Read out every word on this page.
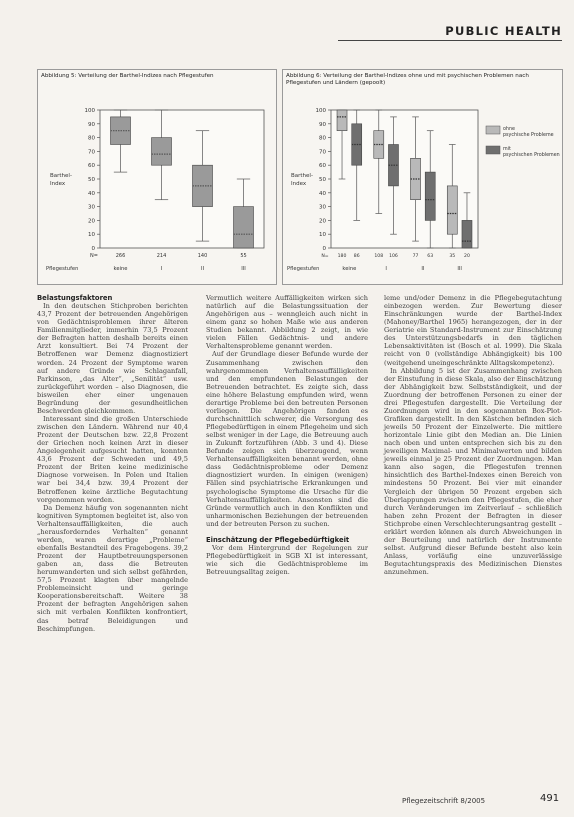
PUBLIC HEALTH
Abbildung 5: Verteilung der Barthel-Indizes nach Pflegestufen
0
10
20
30
40
50
60
70
80
90
100
Barthel-
Index
N=	266	214	140	55
Pflegestufen	keine	I	II	III
Abbildung 6: Verteilung der Barthel-Indizes ohne und mit psychischen Problemen nach Pflegestufen und Ländern (gepoolt)
0
10
20
30
40
50
60
70
80
90
100
Barthel-
Index
N= 180 86	108 106	77 63	35 20
Pflegestufen	keine	I	II	III
ohne
psychische Probleme
mit
psychischen Problemen

Belastungsfaktoren

In den deutschen Stichproben berichten 43,7 Prozent der betreuenden Angehörigen von Gedächtnisproblemen ihrer älteren Familienmitglieder, immerhin 73,5 Prozent der Befragten hatten deshalb bereits einen Arzt konsultiert. Bei 74 Prozent der Betroffenen war Demenz diagnostiziert worden. 24 Prozent der Symptome waren auf andere Gründe wie Schlaganfall, Parkinson, „das Alter“, „Senilität“ usw. zurückgeführt worden – also Diagnosen, die bisweilen eher einer ungenauen Begründung der gesundheitlichen Beschwerden gleichkommen.

Interessant sind die großen Unterschiede zwischen den Ländern. Während nur 40,4 Prozent der Deutschen bzw. 22,8 Prozent der Griechen noch keinen Arzt in dieser Angelegenheit aufgesucht hatten, konnten 43,6 Prozent der Schweden und 49,5 Prozent der Briten keine medizinische Diagnose vorweisen. In Polen und Italien war bei 34,4 bzw. 39,4 Prozent der Betroffenen keine ärztliche Begutachtung vorgenommen worden.

Da Demenz häufig von sogenannten nicht kognitiven Symptomen begleitet ist, also von Verhaltensauffälligkeiten, die auch „herausforderndes Verhalten“ genannt werden, waren derartige „Probleme“ ebenfalls Bestandteil des Fragebogens. 39,2 Prozent der Hauptbetreuungspersonen gaben an, dass die Betreuten herumwanderten und sich selbst gefährden, 57,5 Prozent klagten über mangelnde Problemeinsicht und geringe Kooperationsbereitschaft. Weitere 38 Prozent der befragten Angehörigen sahen sich mit verbalen Konflikten konfrontiert, das betraf Beleidigungen und Beschimpfungen.

Vermutlich weitere Auffälligkeiten wirken sich natürlich auf die Belastungssituation der Angehörigen aus – wenngleich auch nicht in einem ganz so hohen Maße wie aus anderen Studien bekannt. Abbildung 2 zeigt, in wie vielen Fällen Gedächtnis- und andere Verhaltensprobleme genannt werden.

Auf der Grundlage dieser Befunde wurde der Zusammenhang zwischen den wahrgenommenen Verhaltensauffälligkeiten und den empfundenen Belastungen der Betreuenden betrachtet. Es zeigte sich, dass eine höhere Belastung empfunden wird, wenn derartige Probleme bei den betreuten Personen vorliegen. Die Angehörigen fanden es durchschnittlich schwerer, die Versorgung des Pflegebedürftigen in einem Pflegeheim und sich selbst weniger in der Lage, die Betreuung auch in Zukunft fortzuführen (Abb. 3 und 4). Diese Befunde zeigen sich überzeugend, wenn Verhaltensauffälligkeiten benannt werden, ohne dass Gedächtnisprobleme oder Demenz diagnostiziert wurden. In einigen (wenigen) Fällen sind psychiatrische Erkrankungen und psychologische Symptome die Ursache für die Verhaltensauffälligkeiten. Ansonsten sind die Gründe vermutlich auch in den Konflikten und unharmonischen Beziehungen der betreuenden und der betreuten Person zu suchen.

Einschätzung der Pflegebedürftigkeit

Vor dem Hintergrund der Regelungen zur Pflegebedürftigkeit in SGB XI ist interessant, wie sich die Gedächtnisprobleme im Betreuungsalltag zeigen.

leme und/oder Demenz in die Pflegebegutachtung einbezogen werden. Zur Bewertung dieser Einschränkungen wurde der Barthel-Index (Mahoney/Barthel 1965) herangezogen, der in der Geriatrie ein Standard-Instrument zur Einschätzung des Unterstützungsbedarfs in den täglichen Lebensaktivitäten ist (Bosch et al. 1999). Die Skala reicht von 0 (vollständige Abhängigkeit) bis 100 (weitgehend uneingeschränkte Alltagskompetenz).

In Abbildung 5 ist der Zusammenhang zwischen der Einstufung in diese Skala, also der Einschätzung der Abhängigkeit bzw. Selbstständigkeit, und der Zuordnung der betroffenen Personen zu einer der drei Pflegestufen dargestellt. Die Verteilung der Zuordnungen wird in den sogenannten Box-Plot-Grafiken dargestellt. In den Kästchen befinden sich jeweils 50 Prozent der Einzelwerte. Die mittlere horizontale Linie gibt den Median an. Die Linien nach oben und unten entsprechen sich bis zu den jeweiligen Maximal- und Minimalwerten und bilden jeweils einmal je 25 Prozent der Zuordnungen. Man kann also sagen, die Pflegestufen trennen hinsichtlich des Barthel-Indexes einen Bereich von mindestens 50 Prozent. Bei vier mit einander Vergleich der übrigen 50 Prozent ergeben sich Überlappungen zwischen den Pflegestufen, die eher durch Veränderungen im Zeitverlauf – schließlich haben zehn Prozent der Befragten in dieser Stichprobe einen Verschlechterungsantrag gestellt – erklärt werden können als durch Abweichungen in der Beurteilung und natürlich der Instrumente selbst. Aufgrund dieser Befunde besteht also kein Anlass, vorläufig eine unzuverlässige Begutachtungspraxis des Medizinischen Dienstes anzunehmen.

Pflegezeitschrift 8/2005	491
